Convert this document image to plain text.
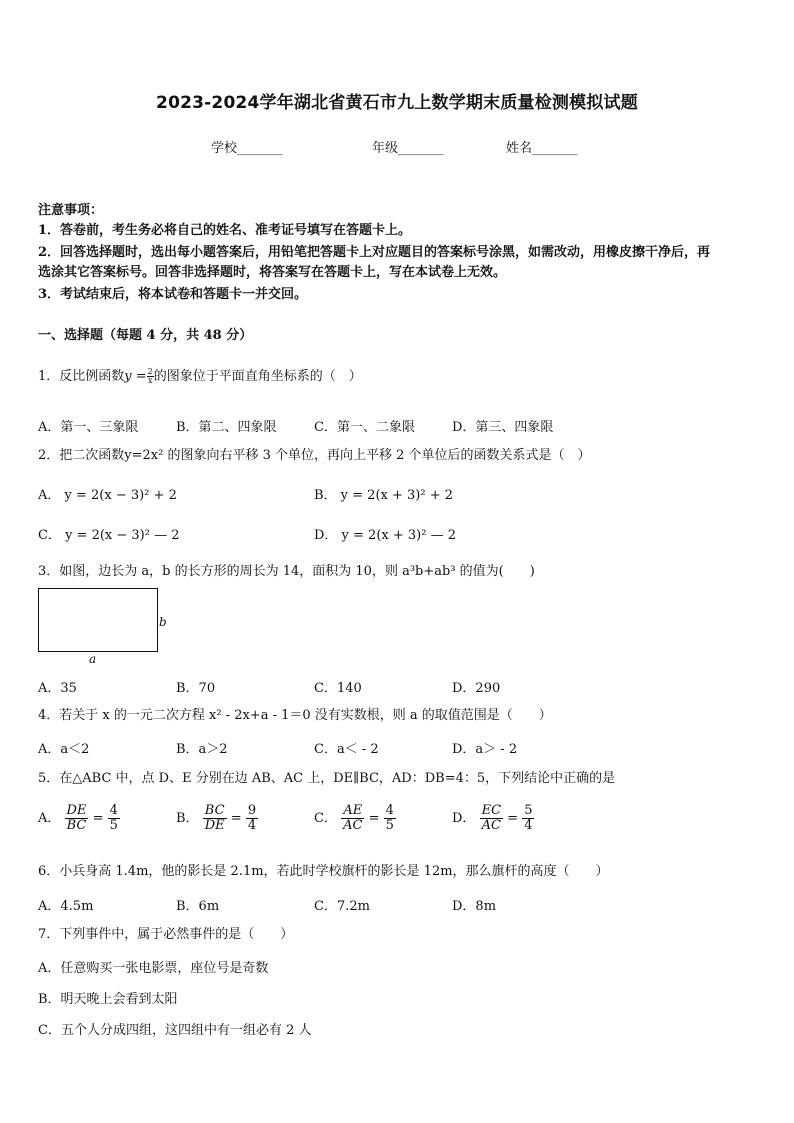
2023-2024学年湖北省黄石市九上数学期末质量检测模拟试题
学校_______	年级_______	姓名_______
注意事项：
1．答卷前，考生务必将自己的姓名、准考证号填写在答题卡上。
2．回答选择题时，选出每小题答案后，用铅笔把答题卡上对应题目的答案标号涂黑，如需改动，用橡皮擦干净后，再
选涂其它答案标号。回答非选择题时，将答案写在答题卡上，写在本试卷上无效。
3．考试结束后，将本试卷和答题卡一并交回。
一、选择题（每题 4 分，共 48 分）
1．反比例函数$y = \frac{2}{x}$ 的图象位于平面直角坐标系的（　）
A．第一、三象限	B．第二、四象限	C．第一、二象限	D．第三、四象限
2．把二次函数y=2x² 的图象向右平移 3 个单位，再向上平移 2 个单位后的函数关系式是（　）
A． y = 2(x − 3)² + 2	B． y = 2(x + 3)² + 2
C． y = 2(x − 3)² — 2	D． y = 2(x + 3)² — 2
3．如图，边长为 a，b 的长方形的周长为 14，面积为 10，则 a³b+ab³ 的值为(　　)
b
a
A．35	B．70	C．140	D．290
4．若关于 x 的一元二次方程 x² - 2x+a - 1＝0 没有实数根，则 a 的取值范围是（　　）
A．a＜2	B．a＞2	C．a＜ - 2	D．a＞ - 2
5．在△ABC 中，点 D、E 分别在边 AB、AC 上，DE∥BC，AD：DB=4：5，下列结论中正确的是
A． $\frac{DE}{BC} = \frac{4}{5}$	B． $\frac{BC}{DE} = \frac{9}{4}$	C． $\frac{AE}{AC} = \frac{4}{5}$	D． $\frac{EC}{AC} = \frac{5}{4}$
6．小兵身高 1.4m，他的影长是 2.1m，若此时学校旗杆的影长是 12m，那么旗杆的高度（　　）
A．4.5m	B．6m	C．7.2m	D．8m
7．下列事件中，属于必然事件的是（　　）
A．任意购买一张电影票，座位号是奇数
B．明天晚上会看到太阳
C．五个人分成四组，这四组中有一组必有 2 人
